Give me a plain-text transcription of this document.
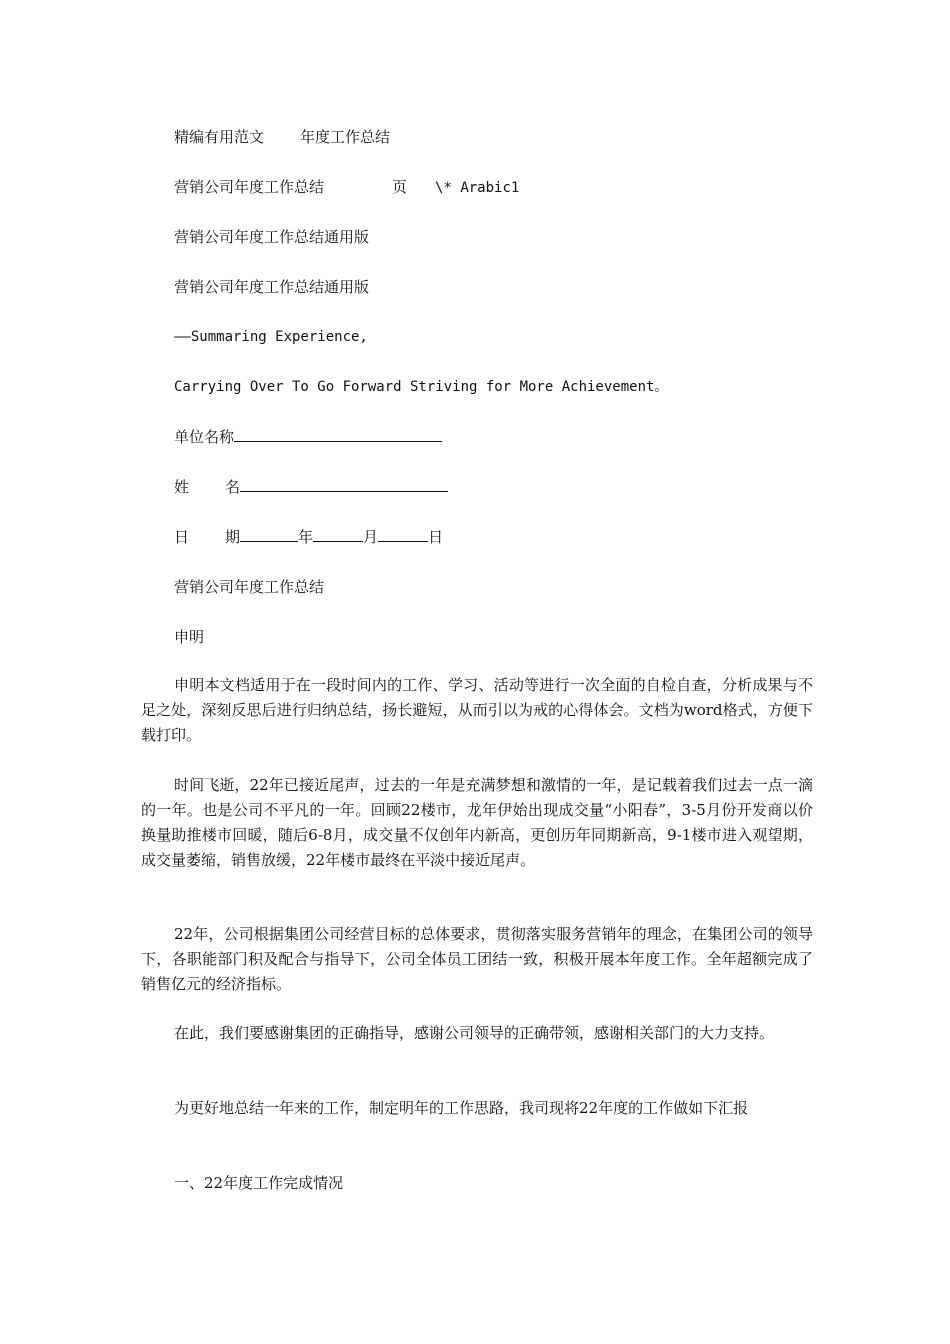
精编有用范文 年度工作总结
营销公司年度工作总结	页 \* Arabic1
营销公司年度工作总结通用版
营销公司年度工作总结通用版
——Summaring Experience,
Carrying Over To Go Forward Striving for More Achievement。
单位名称
姓 名
日 期	年	月	日
营销公司年度工作总结
申明
申明本文档适用于在一段时间内的工作、学习、活动等进行一次全面的自检自查，分析成果与不足之处，深刻反思后进行归纳总结，扬长避短，从而引以为戒的心得体会。文档为word格式，方便下载打印。
时间飞逝，22年已接近尾声，过去的一年是充满梦想和激情的一年，是记载着我们过去一点一滴的一年。也是公司不平凡的一年。回顾22楼市，龙年伊始出现成交量“小阳春”，3-5月份开发商以价换量助推楼市回暖，随后6-8月，成交量不仅创年内新高，更创历年同期新高，9-1楼市进入观望期，成交量萎缩，销售放缓，22年楼市最终在平淡中接近尾声。
22年，公司根据集团公司经营目标的总体要求，贯彻落实服务营销年的理念，在集团公司的领导下，各职能部门积及配合与指导下，公司全体员工团结一致，积极开展本年度工作。全年超额完成了销售亿元的经济指标。
在此，我们要感谢集团的正确指导，感谢公司领导的正确带领，感谢相关部门的大力支持。
为更好地总结一年来的工作，制定明年的工作思路，我司现将22年度的工作做如下汇报
一、22年度工作完成情况
